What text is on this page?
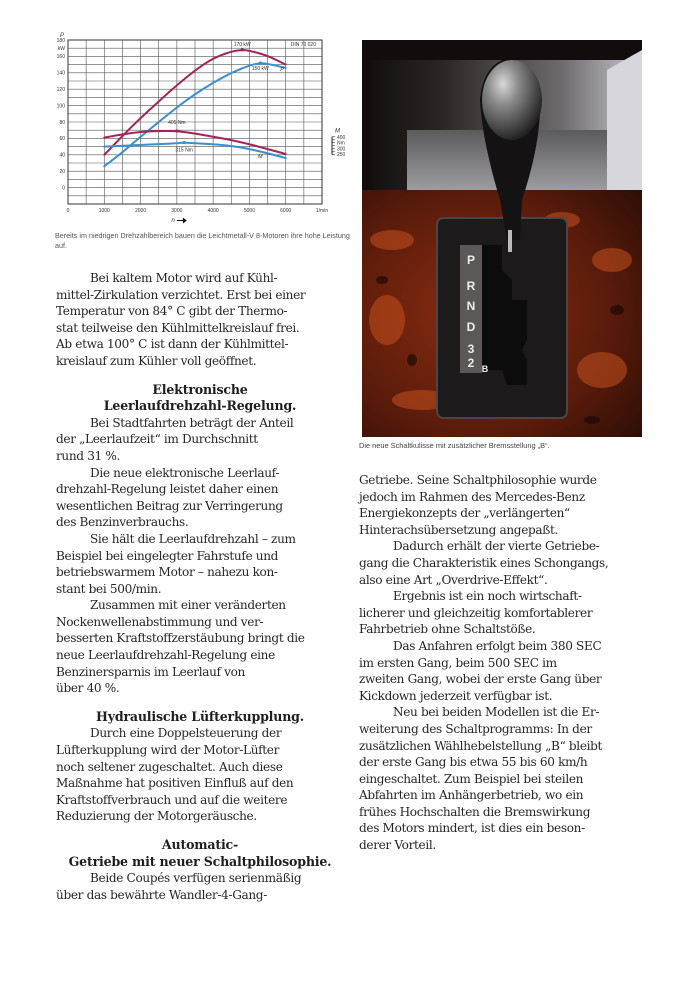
180
kW
160
140
120
100
80
60
40
20
0
P
0	1000	2000	3000	4000	5000	6000	1/min
n
DIN 70 020
M
400
Nm
300
250
170 kW
150 kW P
405 Nm
315 Nm
M
Bereits im niedrigen Drehzahlbereich bauen die Leichtmetall-V 8-Motoren ihre hohe Leistung auf.
P
R
N
D
3
2 B
Die neue Schaltkulisse mit zusätzlicher Bremsstellung „B“.

Bei kaltem Motor wird auf Kühl-
mittel-Zirkulation verzichtet. Erst bei einer
Temperatur von 84° C gibt der Thermo-
stat teilweise den Kühlmittelkreislauf frei.
Ab etwa 100° C ist dann der Kühlmittel-
kreislauf zum Kühler voll geöffnet.

Elektronische
Leerlaufdrehzahl-Regelung.

Bei Stadtfahrten beträgt der Anteil
der „Leerlaufzeit“ im Durchschnitt
rund 31 %.

Die neue elektronische Leerlauf-
drehzahl-Regelung leistet daher einen
wesentlichen Beitrag zur Verringerung
des Benzinverbrauchs.

Sie hält die Leerlaufdrehzahl – zum
Beispiel bei eingelegter Fahrstufe und
betriebswarmem Motor – nahezu kon-
stant bei 500/min.

Zusammen mit einer veränderten
Nockenwellenabstimmung und ver-
besserten Kraftstoffzerstäubung bringt die
neue Leerlaufdrehzahl-Regelung eine
Benzinersparnis im Leerlauf von
über 40 %.

Hydraulische Lüfterkupplung.

Durch eine Doppelsteuerung der
Lüfterkupplung wird der Motor-Lüfter
noch seltener zugeschaltet. Auch diese
Maßnahme hat positiven Einfluß auf den
Kraftstoffverbrauch und auf die weitere
Reduzierung der Motorgeräusche.

Automatic-
Getriebe mit neuer Schaltphilosophie.

Beide Coupés verfügen serienmäßig
über das bewährte Wandler-4-Gang-

Getriebe. Seine Schaltphilosophie wurde
jedoch im Rahmen des Mercedes-Benz
Energiekonzepts der „verlängerten“
Hinterachsübersetzung angepaßt.

Dadurch erhält der vierte Getriebe-
gang die Charakteristik eines Schongangs,
also eine Art „Overdrive-Effekt“.

Ergebnis ist ein noch wirtschaft-
licherer und gleichzeitig komfortablerer
Fahrbetrieb ohne Schaltstöße.

Das Anfahren erfolgt beim 380 SEC
im ersten Gang, beim 500 SEC im
zweiten Gang, wobei der erste Gang über
Kickdown jederzeit verfügbar ist.

Neu bei beiden Modellen ist die Er-
weiterung des Schaltprogramms: In der
zusätzlichen Wählhebelstellung „B“ bleibt
der erste Gang bis etwa 55 bis 60 km/h
eingeschaltet. Zum Beispiel bei steilen
Abfahrten im Anhängerbetrieb, wo ein
frühes Hochschalten die Bremswirkung
des Motors mindert, ist dies ein beson-
derer Vorteil.
